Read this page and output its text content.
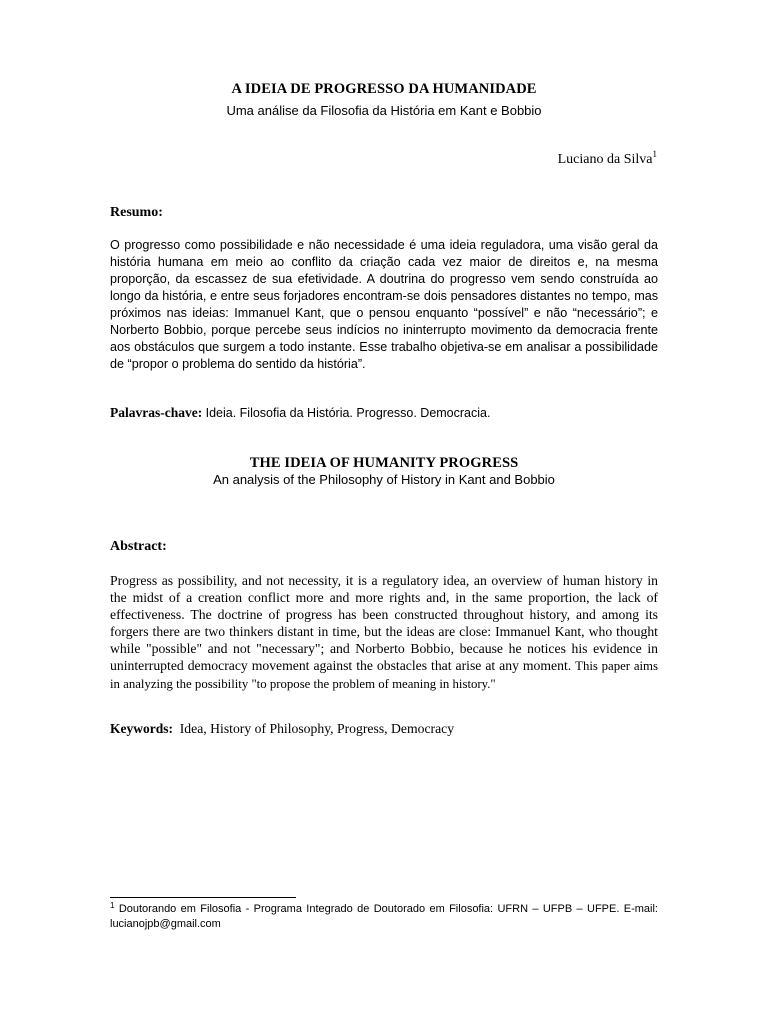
A IDEIA DE PROGRESSO DA HUMANIDADE

Uma análise da Filosofia da História em Kant e Bobbio

Luciano da Silva$^1$

Resumo:

O progresso como possibilidade e não necessidade é uma ideia reguladora, uma visão geral da história humana em meio ao conflito da criação cada vez maior de direitos e, na mesma proporção, da escassez de sua efetividade. A doutrina do progresso vem sendo construída ao longo da história, e entre seus forjadores encontram-se dois pensadores distantes no tempo, mas próximos nas ideias: Immanuel Kant, que o pensou enquanto “possível” e não “necessário”; e Norberto Bobbio, porque percebe seus indícios no ininterrupto movimento da democracia frente aos obstáculos que surgem a todo instante. Esse trabalho objetiva-se em analisar a possibilidade de “propor o problema do sentido da história”.

Palavras-chave: Ideia. Filosofia da História. Progresso. Democracia.

THE IDEIA OF HUMANITY PROGRESS

An analysis of the Philosophy of History in Kant and Bobbio

Abstract:

Progress as possibility, and not necessity, it is a regulatory idea, an overview of human history in the midst of a creation conflict more and more rights and, in the same proportion, the lack of effectiveness. The doctrine of progress has been constructed throughout history, and among its forgers there are two thinkers distant in time, but the ideas are close: Immanuel Kant, who thought while "possible" and not "necessary"; and Norberto Bobbio, because he notices his evidence in uninterrupted democracy movement against the obstacles that arise at any moment. This paper aims in analyzing the possibility "to propose the problem of meaning in history."

Keywords: Idea, History of Philosophy, Progress, Democracy

$^1$ Doutorando em Filosofia - Programa Integrado de Doutorado em Filosofia: UFRN – UFPB – UFPE. E-mail: lucianojpb@gmail.com
